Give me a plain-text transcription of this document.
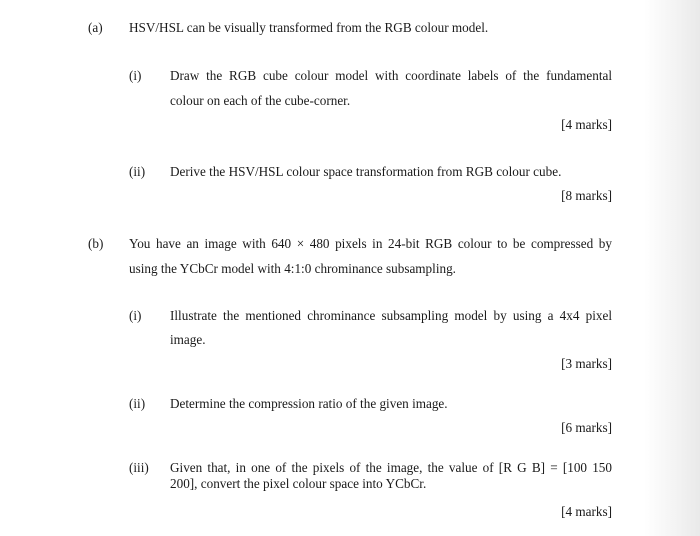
(a) HSV/HSL can be visually transformed from the RGB colour model.
(i) Draw the RGB cube colour model with coordinate labels of the fundamental
colour on each of the cube-corner.
[4 marks]
(ii) Derive the HSV/HSL colour space transformation from RGB colour cube.
[8 marks]
(b) You have an image with 640 × 480 pixels in 24-bit RGB colour to be compressed by
using the YCbCr model with 4:1:0 chrominance subsampling.
(i) Illustrate the mentioned chrominance subsampling model by using a 4x4 pixel
image.
[3 marks]
(ii) Determine the compression ratio of the given image.
[6 marks]
(iii) Given that, in one of the pixels of the image, the value of [R G B] = [100 150
200], convert the pixel colour space into YCbCr.
[4 marks]
